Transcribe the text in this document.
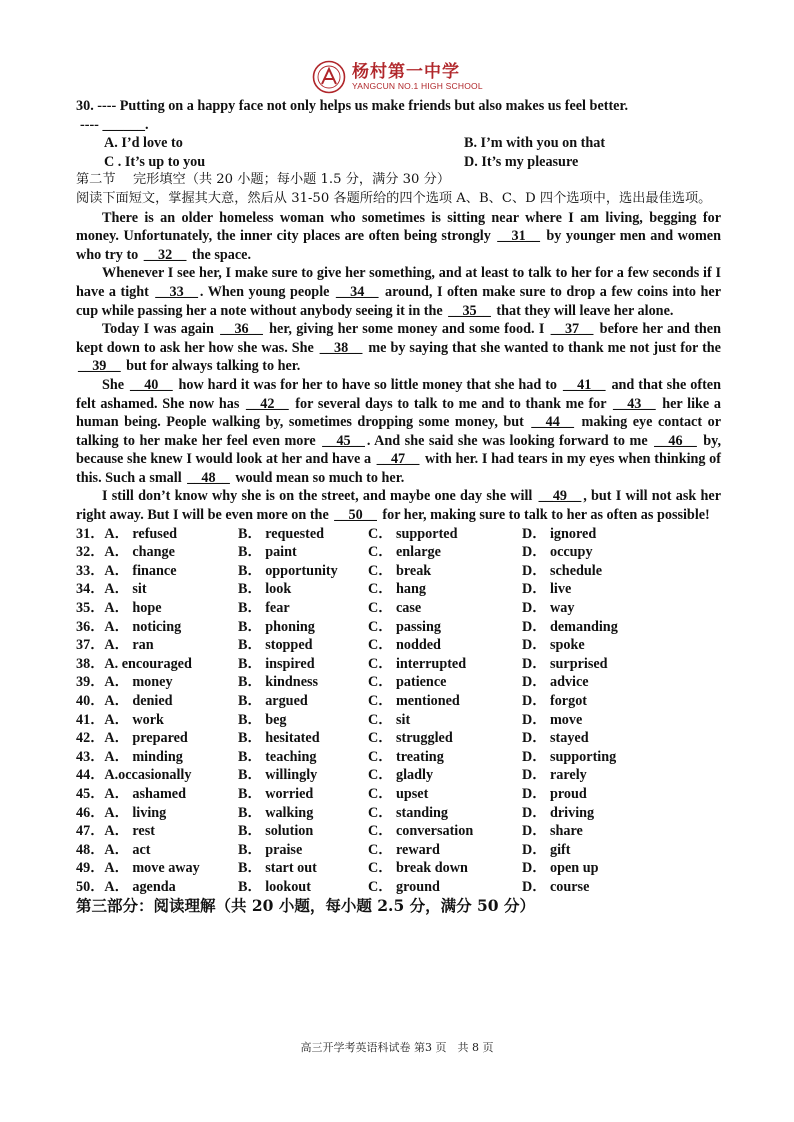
杨村第一中学
YANGCUN NO.1 HIGH SCHOOL

30. ---- Putting on a happy face not only helps us make friends but also makes us feel better.

---- ______.

A. I’d love to	B. I’m with you on that
C . It’s up to you	D. It’s my pleasure

第二节　 完形填空（共 20 小题；每小题 1.5 分，满分 30 分）

阅读下面短文，掌握其大意，然后从 31-50 各题所给的四个选项 A、B、C、D 四个选项中，选出最佳选项。

There is an older homeless woman who sometimes is sitting near where I am living, begging for money. Unfortunately, the inner city places are often being strongly __31__ by younger men and women who try to __32__ the space.

Whenever I see her, I make sure to give her something, and at least to talk to her for a few seconds if I have a tight __33__ . When young people __34__ around, I often make sure to drop a few coins into her cup while passing her a note without anybody seeing it in the __35__ that they will leave her alone.

Today I was again __36__ her, giving her some money and some food. I __37__ before her and then kept down to ask her how she was. She __38__ me by saying that she wanted to thank me not just for the __39__ but for always talking to her.

She __40__ how hard it was for her to have so little money that she had to __41__ and that she often felt ashamed. She now has __42__ for several days to talk to me and to thank me for __43__ her like a human being. People walking by, sometimes dropping some money, but __44__ making eye contact or talking to her make her feel even more __45__ . And she said she was looking forward to me __46__ by, because she knew I would look at her and have a __47__ with her. I had tears in my eyes when thinking of this. Such a small __48__ would mean so much to her.

I still don’t know why she is on the street, and maybe one day she will __49__ , but I will not ask her right away. But I will be even more on the __50__ for her, making sure to talk to her as often as possible!

31．A． refused	B． requested	C． supported	D． ignored
32．A． change	B． paint	C． enlarge	D． occupy
33．A． finance	B． opportunity	C． break	D． schedule
34．A． sit	B． look	C． hang	D． live
35．A． hope	B． fear	C． case	D． way
36．A． noticing	B． phoning	C． passing	D． demanding
37．A． ran	B． stopped	C． nodded	D． spoke
38．A. encouraged	B． inspired	C． interrupted	D． surprised
39．A． money	B． kindness	C． patience	D． advice
40．A． denied	B． argued	C． mentioned	D． forgot
41．A． work	B． beg	C． sit	D． move
42．A． prepared	B． hesitated	C． struggled	D． stayed
43．A． minding	B． teaching	C． treating	D． supporting
44．A.occasionally	B． willingly	C． gladly	D． rarely
45．A． ashamed	B． worried	C． upset	D． proud
46．A． living	B． walking	C． standing	D． driving
47．A． rest	B． solution	C． conversation	D． share
48．A． act	B． praise	C． reward	D． gift
49．A． move away	B． start out	C． break down	D． open up
50．A． agenda	B． lookout	C． ground	D． course

第三部分：阅读理解（共 20 小题，每小题 2.5 分，满分 50 分）

高三开学考英语科试卷 第3 页　共 8 页
